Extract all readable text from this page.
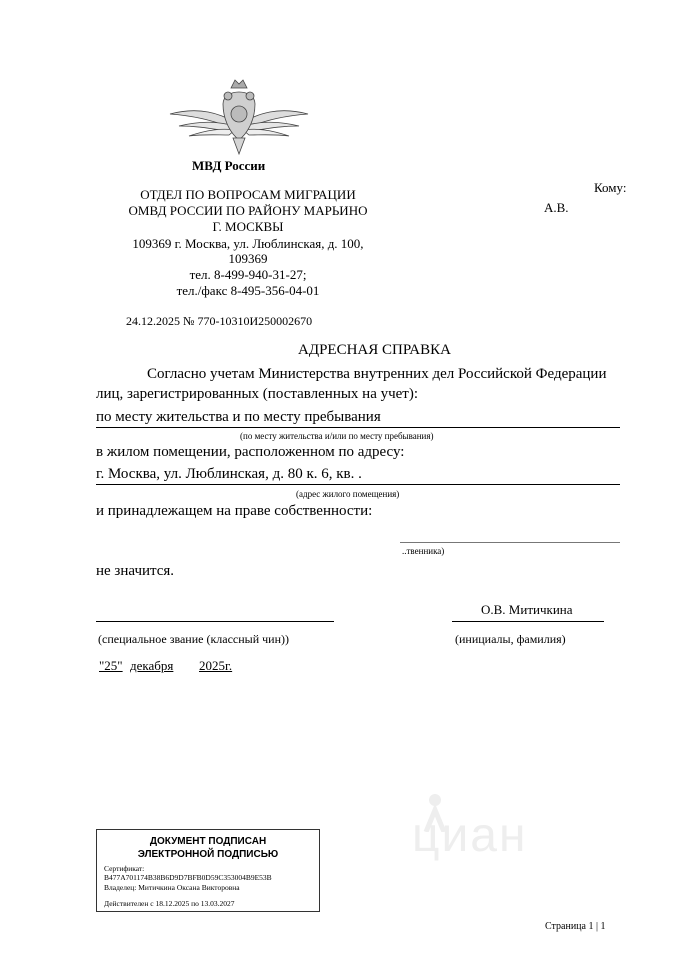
МВД России
ОТДЕЛ ПО ВОПРОСАМ МИГРАЦИИ
ОМВД РОССИИ ПО РАЙОНУ МАРЬИНО
Г. МОСКВЫ
109369 г. Москва, ул. Люблинская, д. 100,
109369
тел. 8-499-940-31-27;
тел./факс 8-495-356-04-01
24.12.2025 № 770-10310И250002670
Кому:
А.В.
АДРЕСНАЯ СПРАВКА
Согласно учетам Министерства внутренних дел Российской Федерации
лиц, зарегистрированных (поставленных на учет):
по месту жительства и по месту пребывания
(по месту жительства и/или по месту пребывания)
в жилом помещении, расположенном по адресу:
г. Москва, ул. Люблинская, д. 80 к. 6, кв. .
(адрес жилого помещения)
и принадлежащем на праве собственности:
..твенника)
не значится.
О.В. Митичкина
(специальное звание (классный чин))	(инициалы, фамилия)
"25" декабря 2025г.
циан
ДОКУМЕНТ ПОДПИСАН
ЭЛЕКТРОННОЙ ПОДПИСЬЮ
Сертификат:
B477A701174B38B6D9D7BFB0D59C353004B9E53B
Владелец: Митичкина Оксана Викторовна
Действителен с 18.12.2025 по 13.03.2027
Страница 1 | 1
